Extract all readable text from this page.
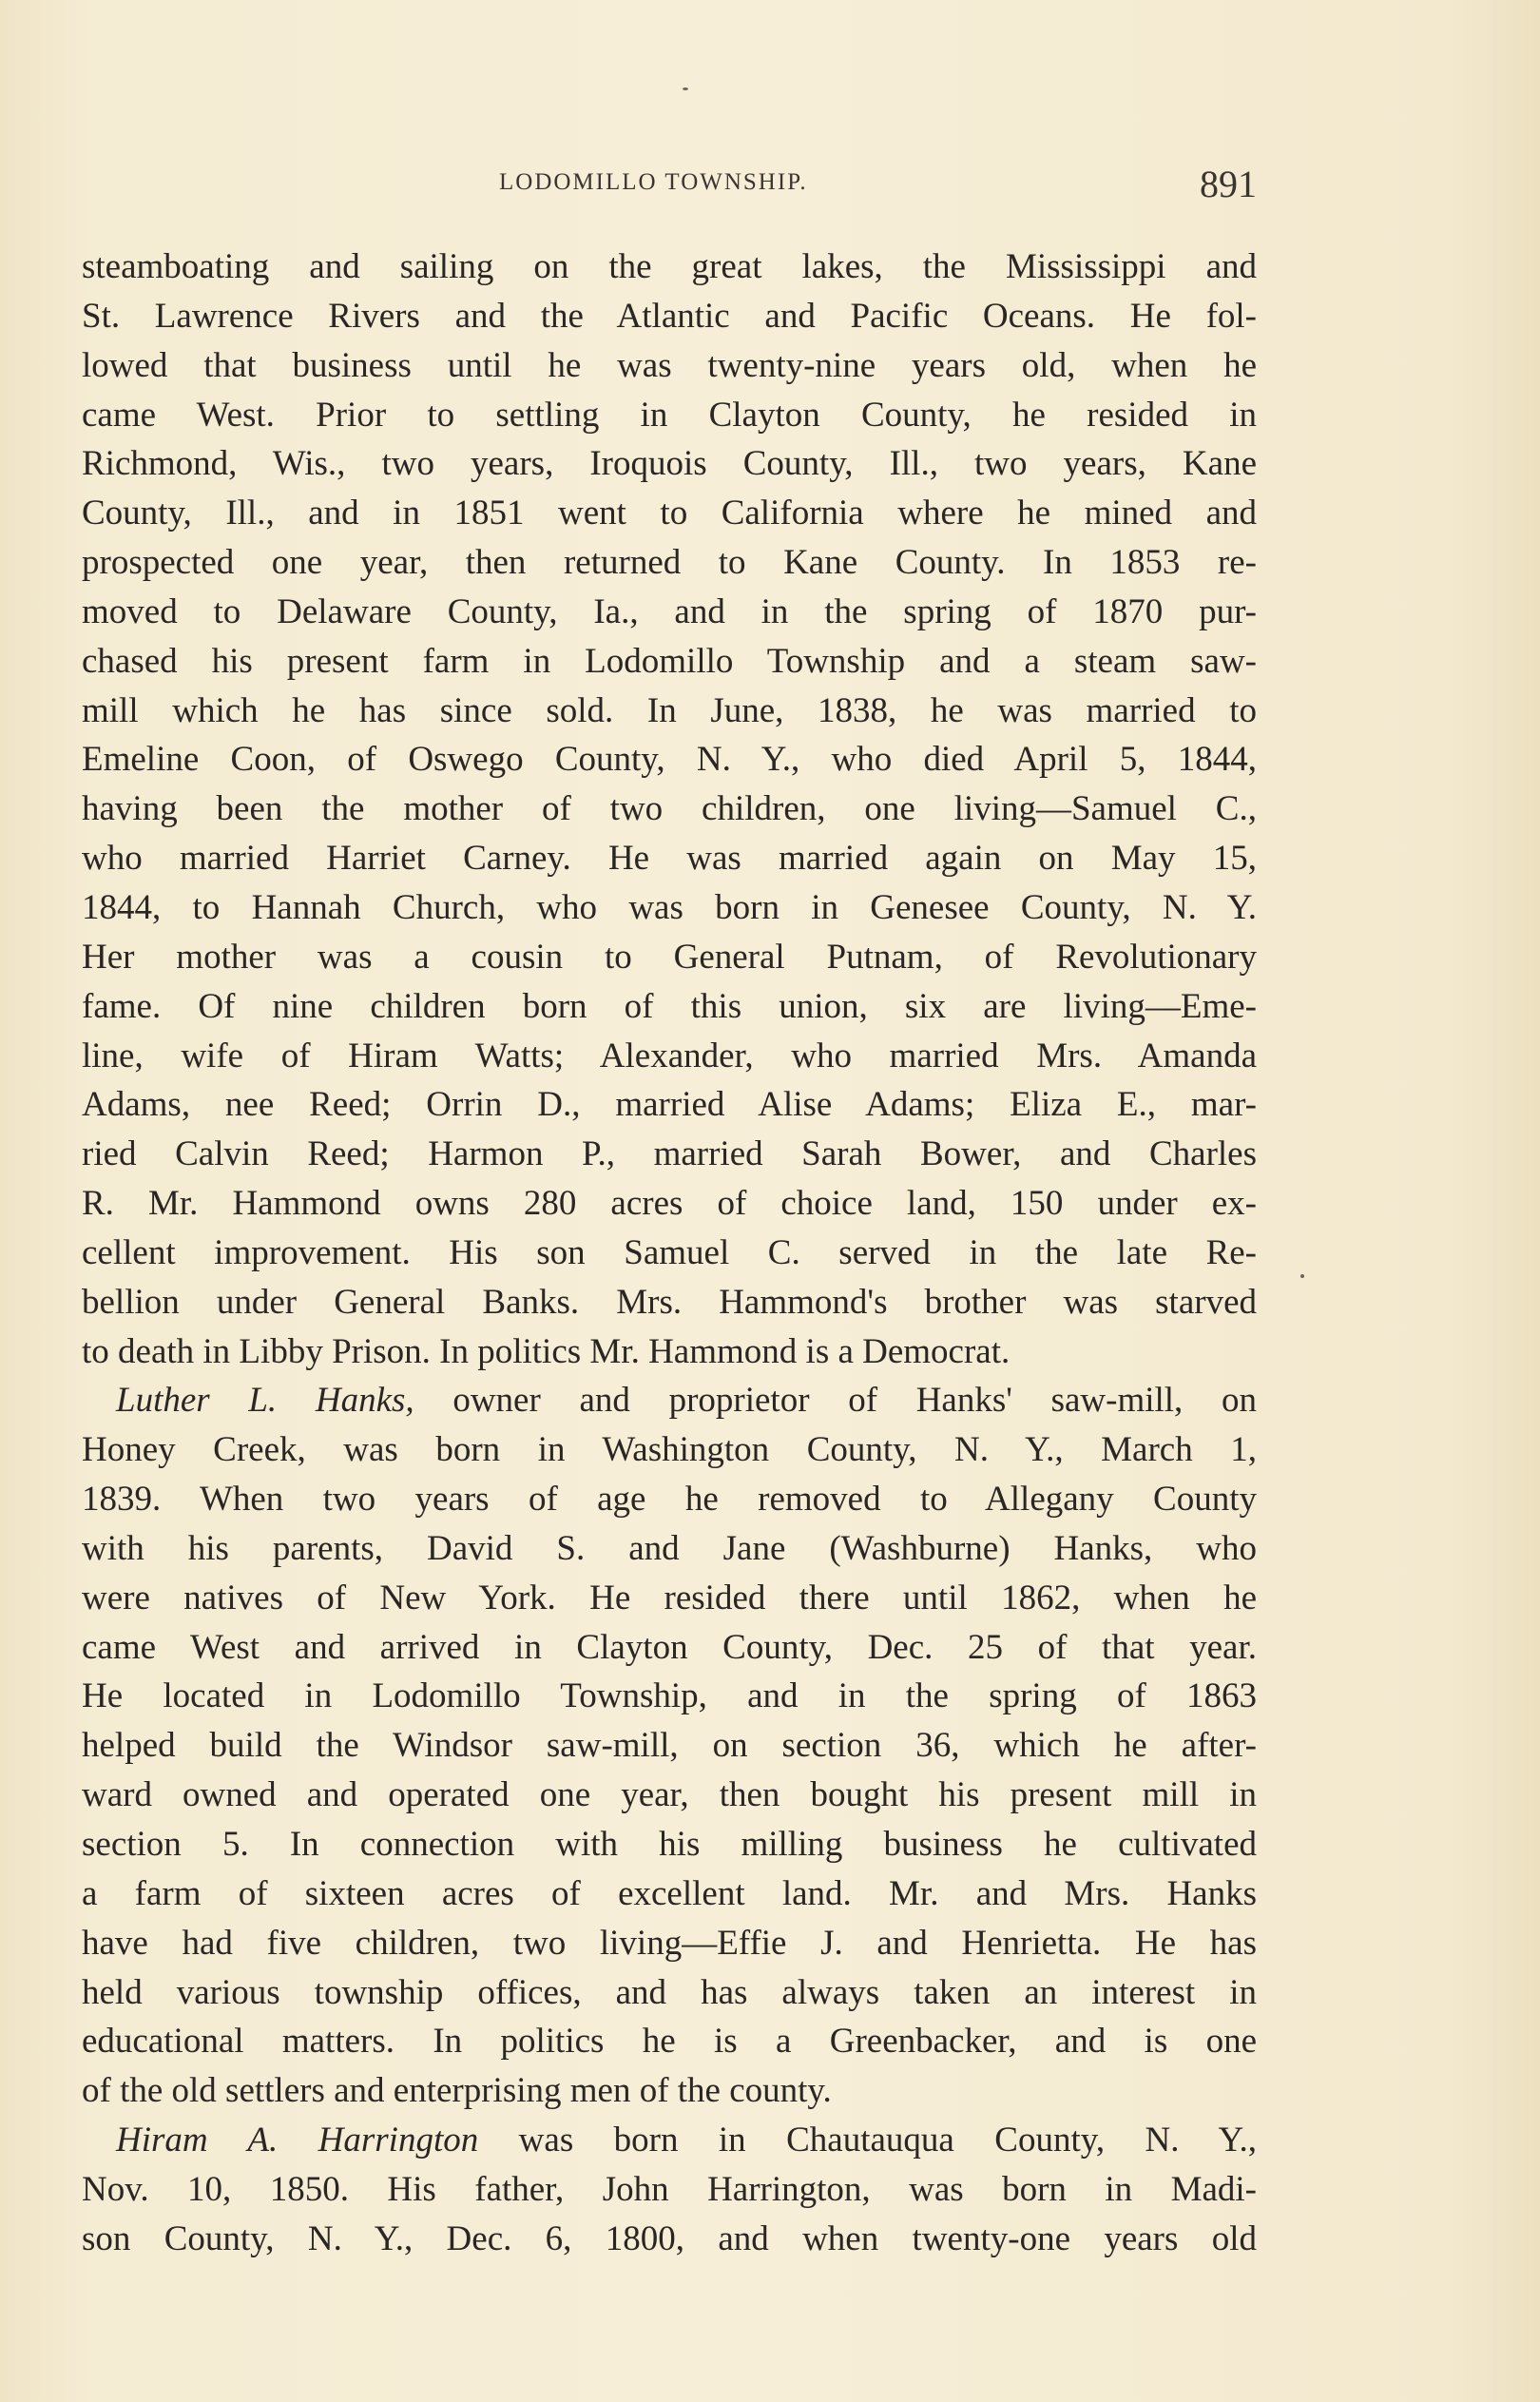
LODOMILLO TOWNSHIP.	891
steamboating and sailing on the great lakes, the Mississippi and
St. Lawrence Rivers and the Atlantic and Pacific Oceans. He fol-
lowed that business until he was twenty-nine years old, when he
came West. Prior to settling in Clayton County, he resided in
Richmond, Wis., two years, Iroquois County, Ill., two years, Kane
County, Ill., and in 1851 went to California where he mined and
prospected one year, then returned to Kane County. In 1853 re-
moved to Delaware County, Ia., and in the spring of 1870 pur-
chased his present farm in Lodomillo Township and a steam saw-
mill which he has since sold. In June, 1838, he was married to
Emeline Coon, of Oswego County, N. Y., who died April 5, 1844,
having been the mother of two children, one living—Samuel C.,
who married Harriet Carney. He was married again on May 15,
1844, to Hannah Church, who was born in Genesee County, N. Y.
Her mother was a cousin to General Putnam, of Revolutionary
fame. Of nine children born of this union, six are living—Eme-
line, wife of Hiram Watts; Alexander, who married Mrs. Amanda
Adams, nee Reed; Orrin D., married Alise Adams; Eliza E., mar-
ried Calvin Reed; Harmon P., married Sarah Bower, and Charles
R. Mr. Hammond owns 280 acres of choice land, 150 under ex-
cellent improvement. His son Samuel C. served in the late Re-
bellion under General Banks. Mrs. Hammond's brother was starved
to death in Libby Prison. In politics Mr. Hammond is a Democrat.
Luther L. Hanks, owner and proprietor of Hanks' saw-mill, on
Honey Creek, was born in Washington County, N. Y., March 1,
1839. When two years of age he removed to Allegany County
with his parents, David S. and Jane (Washburne) Hanks, who
were natives of New York. He resided there until 1862, when he
came West and arrived in Clayton County, Dec. 25 of that year.
He located in Lodomillo Township, and in the spring of 1863
helped build the Windsor saw-mill, on section 36, which he after-
ward owned and operated one year, then bought his present mill in
section 5. In connection with his milling business he cultivated
a farm of sixteen acres of excellent land. Mr. and Mrs. Hanks
have had five children, two living—Effie J. and Henrietta. He has
held various township offices, and has always taken an interest in
educational matters. In politics he is a Greenbacker, and is one
of the old settlers and enterprising men of the county.
Hiram A. Harrington was born in Chautauqua County, N. Y.,
Nov. 10, 1850. His father, John Harrington, was born in Madi-
son County, N. Y., Dec. 6, 1800, and when twenty-one years old
